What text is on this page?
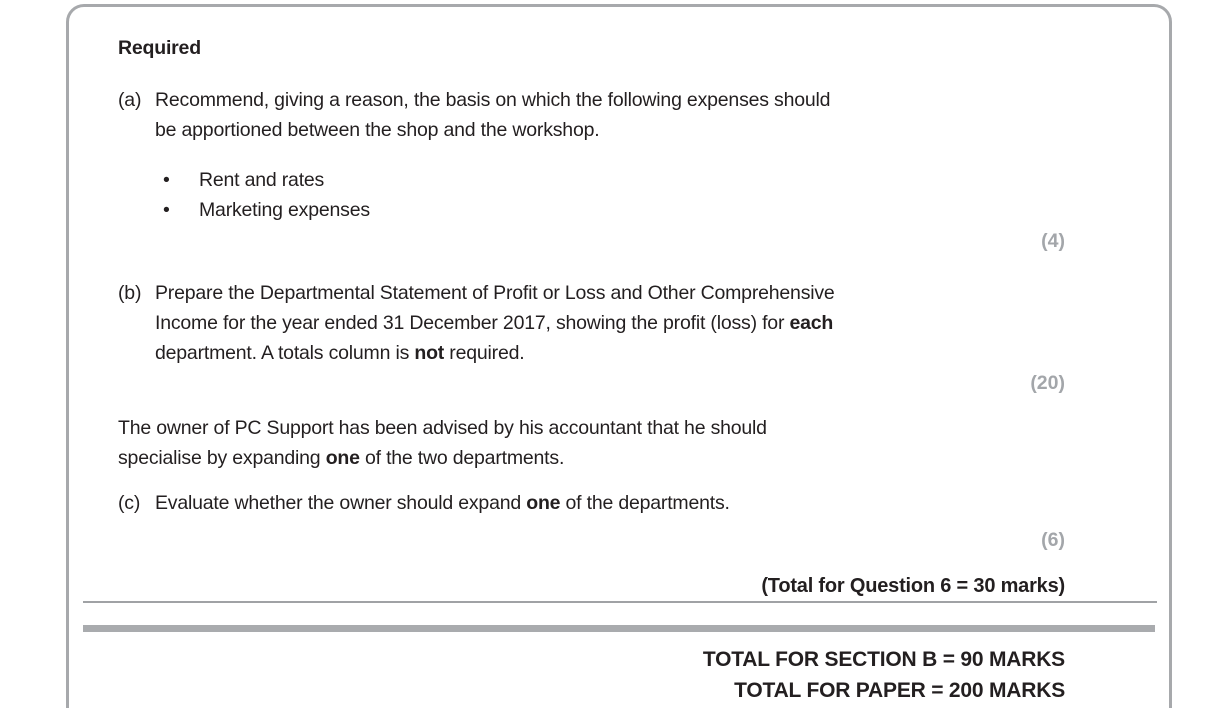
Required
(a) Recommend, giving a reason, the basis on which the following expenses should
be apportioned between the shop and the workshop.
•	Rent and rates
•	Marketing expenses
(4)
(b) Prepare the Departmental Statement of Profit or Loss and Other Comprehensive
Income for the year ended 31 December 2017, showing the profit (loss) for each
department. A totals column is not required.
(20)
The owner of PC Support has been advised by his accountant that he should
specialise by expanding one of the two departments.
(c) Evaluate whether the owner should expand one of the departments.
(6)
(Total for Question 6 = 30 marks)
TOTAL FOR SECTION B = 90 MARKS
TOTAL FOR PAPER = 200 MARKS
